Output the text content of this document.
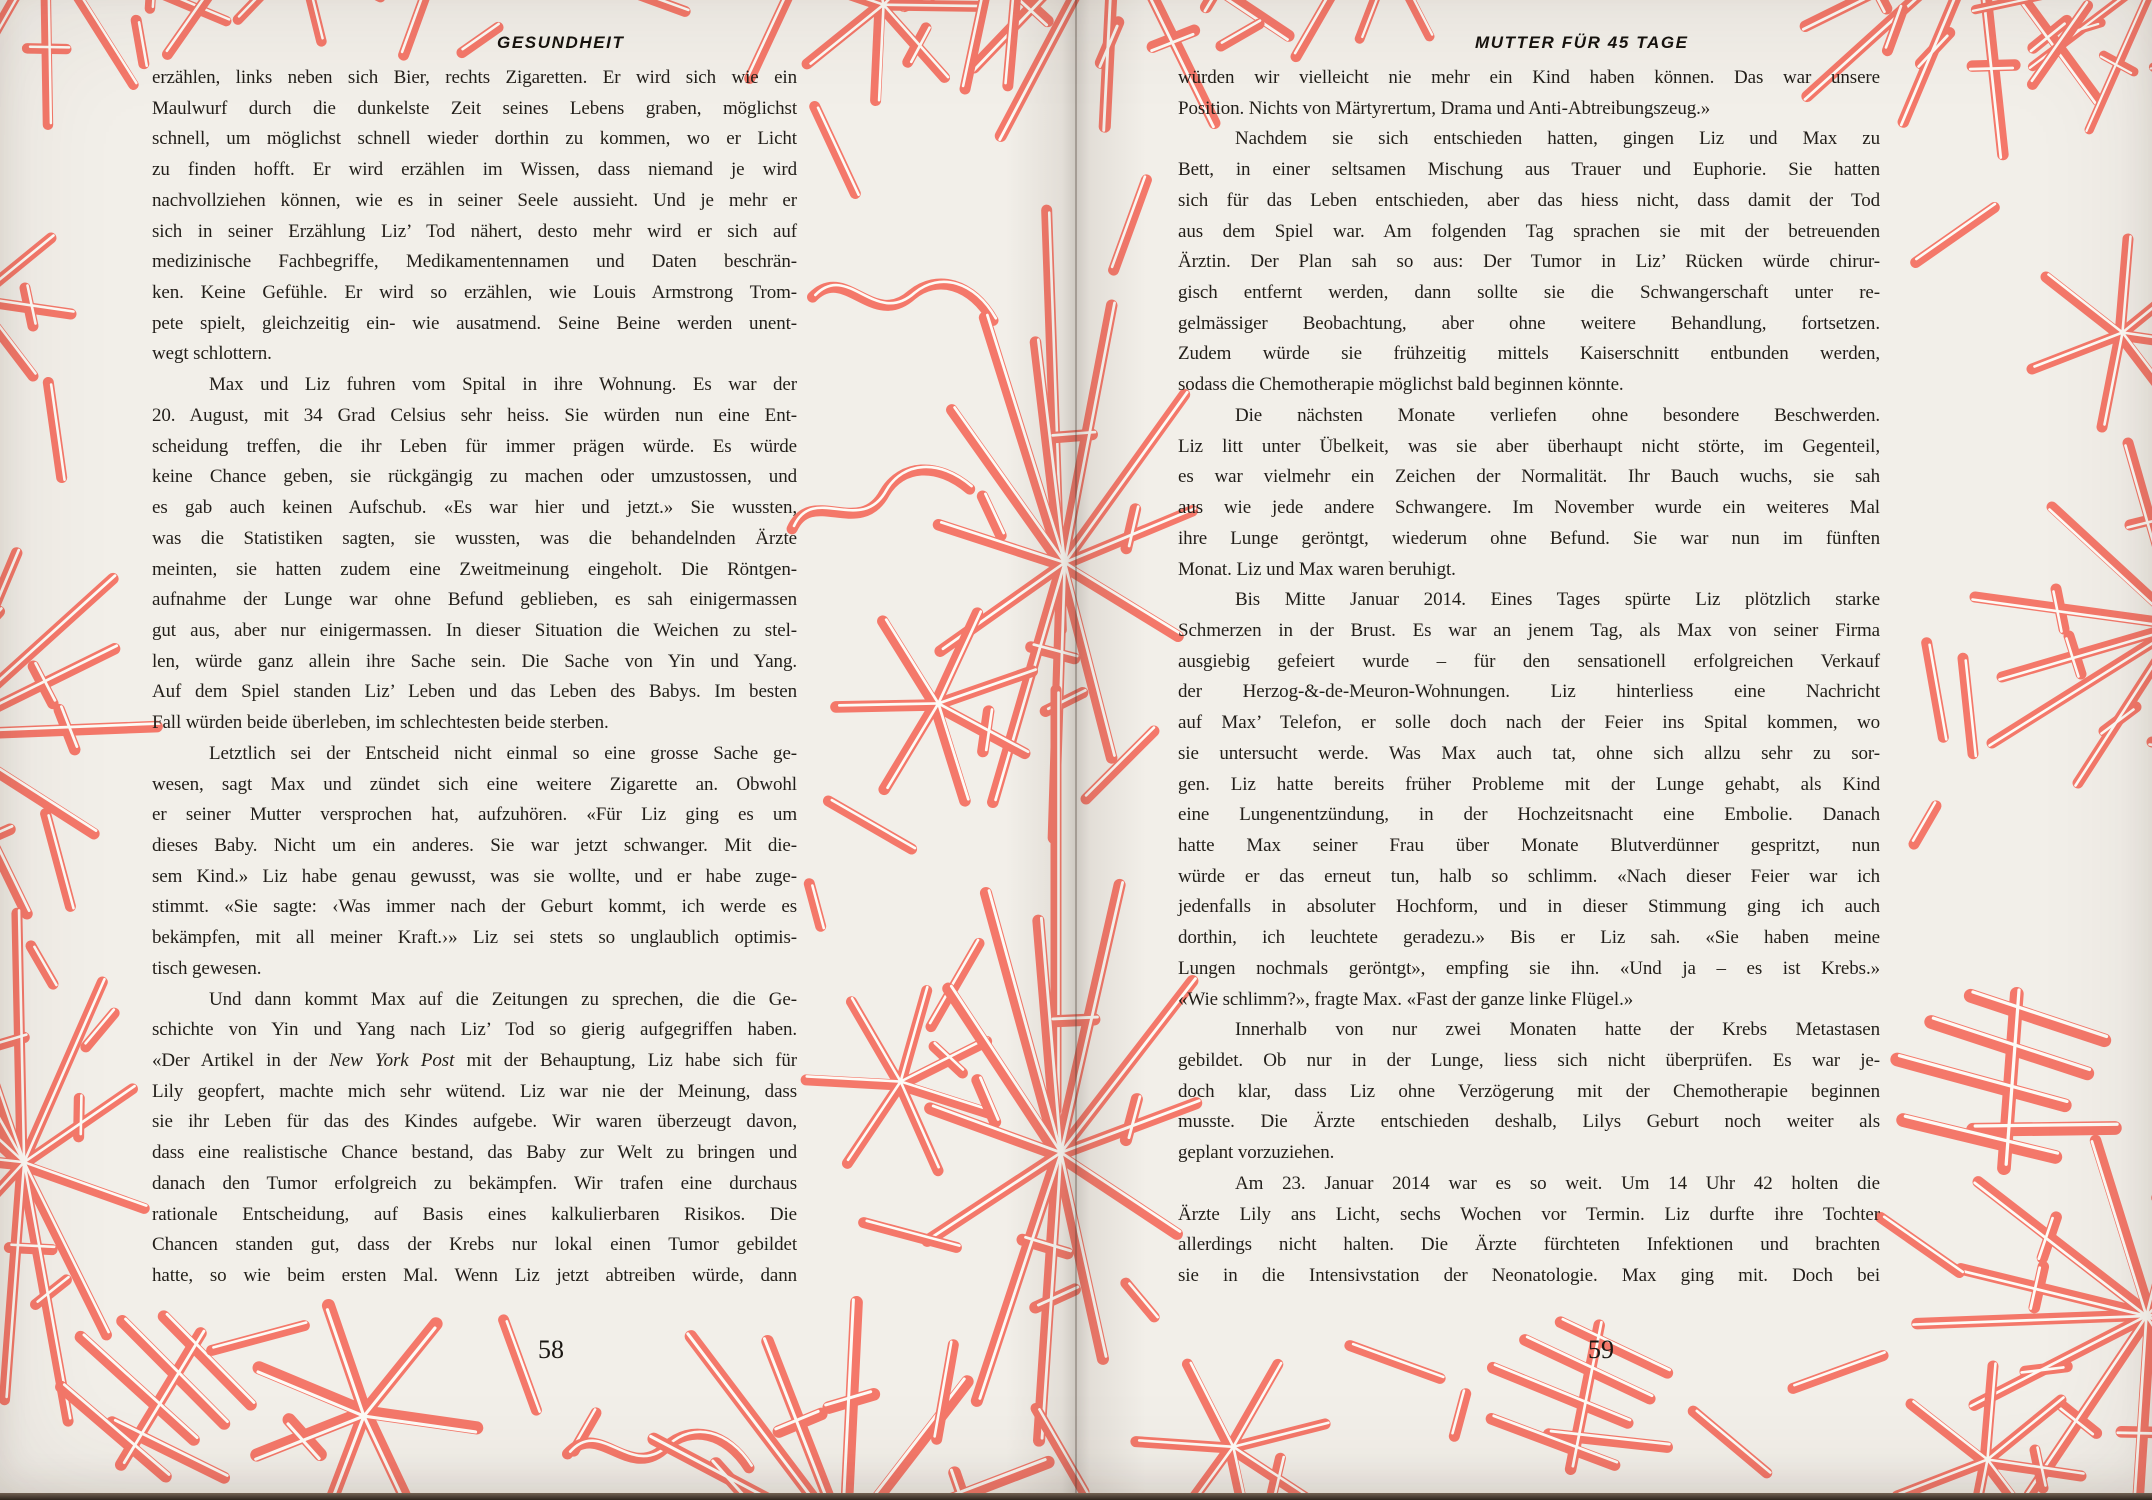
GESUNDHEIT
erzählen, links neben sich Bier, rechts Zigaretten. Er wird sich wie ein
Maulwurf durch die dunkelste Zeit seines Lebens graben, möglichst
schnell, um möglichst schnell wieder dorthin zu kommen, wo er Licht
zu finden hofft. Er wird erzählen im Wissen, dass niemand je wird
nachvollziehen können, wie es in seiner Seele aussieht. Und je mehr er
sich in seiner Erzählung Liz’ Tod nähert, desto mehr wird er sich auf
medizinische Fachbegriffe, Medikamentennamen und Daten beschrän-
ken. Keine Gefühle. Er wird so erzählen, wie Louis Armstrong Trom-
pete spielt, gleichzeitig ein- wie ausatmend. Seine Beine werden unent-
wegt schlottern.
Max und Liz fuhren vom Spital in ihre Wohnung. Es war der
20. August, mit 34 Grad Celsius sehr heiss. Sie würden nun eine Ent-
scheidung treffen, die ihr Leben für immer prägen würde. Es würde
keine Chance geben, sie rückgängig zu machen oder umzustossen, und
es gab auch keinen Aufschub. «Es war hier und jetzt.» Sie wussten,
was die Statistiken sagten, sie wussten, was die behandelnden Ärzte
meinten, sie hatten zudem eine Zweitmeinung eingeholt. Die Röntgen-
aufnahme der Lunge war ohne Befund geblieben, es sah einigermassen
gut aus, aber nur einigermassen. In dieser Situation die Weichen zu stel-
len, würde ganz allein ihre Sache sein. Die Sache von Yin und Yang.
Auf dem Spiel standen Liz’ Leben und das Leben des Babys. Im besten
Fall würden beide überleben, im schlechtesten beide sterben.
Letztlich sei der Entscheid nicht einmal so eine grosse Sache ge-
wesen, sagt Max und zündet sich eine weitere Zigarette an. Obwohl
er seiner Mutter versprochen hat, aufzuhören. «Für Liz ging es um
dieses Baby. Nicht um ein anderes. Sie war jetzt schwanger. Mit die-
sem Kind.» Liz habe genau gewusst, was sie wollte, und er habe zuge-
stimmt. «Sie sagte: ‹Was immer nach der Geburt kommt, ich werde es
bekämpfen, mit all meiner Kraft.›» Liz sei stets so unglaublich optimis-
tisch gewesen.
Und dann kommt Max auf die Zeitungen zu sprechen, die die Ge-
schichte von Yin und Yang nach Liz’ Tod so gierig aufgegriffen haben.
«Der Artikel in der New York Post mit der Behauptung, Liz habe sich für
Lily geopfert, machte mich sehr wütend. Liz war nie der Meinung, dass
sie ihr Leben für das des Kindes aufgebe. Wir waren überzeugt davon,
dass eine realistische Chance bestand, das Baby zur Welt zu bringen und
danach den Tumor erfolgreich zu bekämpfen. Wir trafen eine durchaus
rationale Entscheidung, auf Basis eines kalkulierbaren Risikos. Die
Chancen standen gut, dass der Krebs nur lokal einen Tumor gebildet
hatte, so wie beim ersten Mal. Wenn Liz jetzt abtreiben würde, dann
58
MUTTER FÜR 45 TAGE
würden wir vielleicht nie mehr ein Kind haben können. Das war unsere
Position. Nichts von Märtyrertum, Drama und Anti-Abtreibungszeug.»
Nachdem sie sich entschieden hatten, gingen Liz und Max zu
Bett, in einer seltsamen Mischung aus Trauer und Euphorie. Sie hatten
sich für das Leben entschieden, aber das hiess nicht, dass damit der Tod
aus dem Spiel war. Am folgenden Tag sprachen sie mit der betreuenden
Ärztin. Der Plan sah so aus: Der Tumor in Liz’ Rücken würde chirur-
gisch entfernt werden, dann sollte sie die Schwangerschaft unter re-
gelmässiger Beobachtung, aber ohne weitere Behandlung, fortsetzen.
Zudem würde sie frühzeitig mittels Kaiserschnitt entbunden werden,
sodass die Chemotherapie möglichst bald beginnen könnte.
Die nächsten Monate verliefen ohne besondere Beschwerden.
Liz litt unter Übelkeit, was sie aber überhaupt nicht störte, im Gegenteil,
es war vielmehr ein Zeichen der Normalität. Ihr Bauch wuchs, sie sah
aus wie jede andere Schwangere. Im November wurde ein weiteres Mal
ihre Lunge geröntgt, wiederum ohne Befund. Sie war nun im fünften
Monat. Liz und Max waren beruhigt.
Bis Mitte Januar 2014. Eines Tages spürte Liz plötzlich starke
Schmerzen in der Brust. Es war an jenem Tag, als Max von seiner Firma
ausgiebig gefeiert wurde – für den sensationell erfolgreichen Verkauf
der Herzog-&-de-Meuron-Wohnungen. Liz hinterliess eine Nachricht
auf Max’ Telefon, er solle doch nach der Feier ins Spital kommen, wo
sie untersucht werde. Was Max auch tat, ohne sich allzu sehr zu sor-
gen. Liz hatte bereits früher Probleme mit der Lunge gehabt, als Kind
eine Lungenentzündung, in der Hochzeitsnacht eine Embolie. Danach
hatte Max seiner Frau über Monate Blutverdünner gespritzt, nun
würde er das erneut tun, halb so schlimm. «Nach dieser Feier war ich
jedenfalls in absoluter Hochform, und in dieser Stimmung ging ich auch
dorthin, ich leuchtete geradezu.» Bis er Liz sah. «Sie haben meine
Lungen nochmals geröntgt», empfing sie ihn. «Und ja – es ist Krebs.»
«Wie schlimm?», fragte Max. «Fast der ganze linke Flügel.»
Innerhalb von nur zwei Monaten hatte der Krebs Metastasen
gebildet. Ob nur in der Lunge, liess sich nicht überprüfen. Es war je-
doch klar, dass Liz ohne Verzögerung mit der Chemotherapie beginnen
musste. Die Ärzte entschieden deshalb, Lilys Geburt noch weiter als
geplant vorzuziehen.
Am 23. Januar 2014 war es so weit. Um 14 Uhr 42 holten die
Ärzte Lily ans Licht, sechs Wochen vor Termin. Liz durfte ihre Tochter
allerdings nicht halten. Die Ärzte fürchteten Infektionen und brachten
sie in die Intensivstation der Neonatologie. Max ging mit. Doch bei
59
